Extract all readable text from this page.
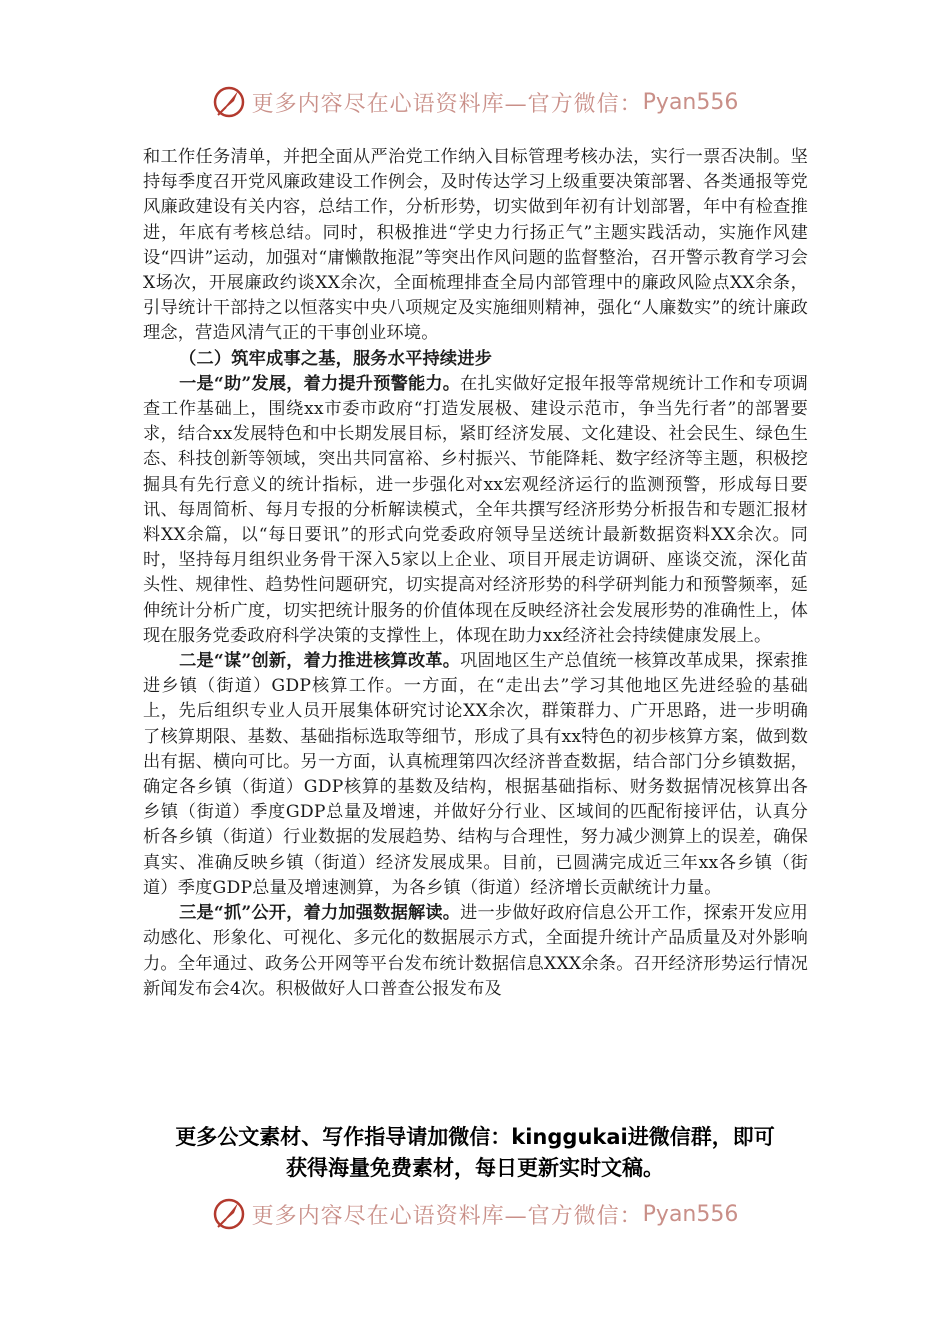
更多内容尽在心语资料库—官方微信： Pyan556

和工作任务清单，并把全面从严治党工作纳入目标管理考核办法，实行一票否决制。坚持每季度召开党风廉政建设工作例会，及时传达学习上级重要决策部署、各类通报等党风廉政建设有关内容，总结工作，分析形势，切实做到年初有计划部署，年中有检查推进，年底有考核总结。同时，积极推进“学史力行扬正气”主题实践活动，实施作风建设“四讲”运动，加强对“庸懒散拖混”等突出作风问题的监督整治，召开警示教育学习会X场次，开展廉政约谈XX余次，全面梳理排查全局内部管理中的廉政风险点XX余条，引导统计干部持之以恒落实中央八项规定及实施细则精神，强化“人廉数实”的统计廉政理念，营造风清气正的干事创业环境。

（二）筑牢成事之基，服务水平持续进步

一是“助”发展，着力提升预警能力。在扎实做好定报年报等常规统计工作和专项调查工作基础上，围绕xx市委市政府“打造发展极、建设示范市，争当先行者”的部署要求，结合xx发展特色和中长期发展目标，紧盯经济发展、文化建设、社会民生、绿色生态、科技创新等领域，突出共同富裕、乡村振兴、节能降耗、数字经济等主题，积极挖掘具有先行意义的统计指标，进一步强化对xx宏观经济运行的监测预警，形成每日要讯、每周简析、每月专报的分析解读模式，全年共撰写经济形势分析报告和专题汇报材料XX余篇，以“每日要讯”的形式向党委政府领导呈送统计最新数据资料XX余次。同时，坚持每月组织业务骨干深入5家以上企业、项目开展走访调研、座谈交流，深化苗头性、规律性、趋势性问题研究，切实提高对经济形势的科学研判能力和预警频率，延伸统计分析广度，切实把统计服务的价值体现在反映经济社会发展形势的准确性上，体现在服务党委政府科学决策的支撑性上，体现在助力xx经济社会持续健康发展上。

二是“谋”创新，着力推进核算改革。巩固地区生产总值统一核算改革成果，探索推进乡镇（街道）GDP核算工作。一方面，在“走出去”学习其他地区先进经验的基础上，先后组织专业人员开展集体研究讨论XX余次，群策群力、广开思路，进一步明确了核算期限、基数、基础指标选取等细节，形成了具有xx特色的初步核算方案，做到数出有据、横向可比。另一方面，认真梳理第四次经济普查数据，结合部门分乡镇数据，确定各乡镇（街道）GDP核算的基数及结构，根据基础指标、财务数据情况核算出各乡镇（街道）季度GDP总量及增速，并做好分行业、区域间的匹配衔接评估，认真分析各乡镇（街道）行业数据的发展趋势、结构与合理性，努力减少测算上的误差，确保真实、准确反映乡镇（街道）经济发展成果。目前，已圆满完成近三年xx各乡镇（街道）季度GDP总量及增速测算，为各乡镇（街道）经济增长贡献统计力量。

三是“抓”公开，着力加强数据解读。进一步做好政府信息公开工作，探索开发应用动感化、形象化、可视化、多元化的数据展示方式，全面提升统计产品质量及对外影响力。全年通过、政务公开网等平台发布统计数据信息XXX余条。召开经济形势运行情况新闻发布会4次。积极做好人口普查公报发布及

更多公文素材、写作指导请加微信：kinggukai进微信群，即可
获得海量免费素材，每日更新实时文稿。
更多内容尽在心语资料库—官方微信： Pyan556
